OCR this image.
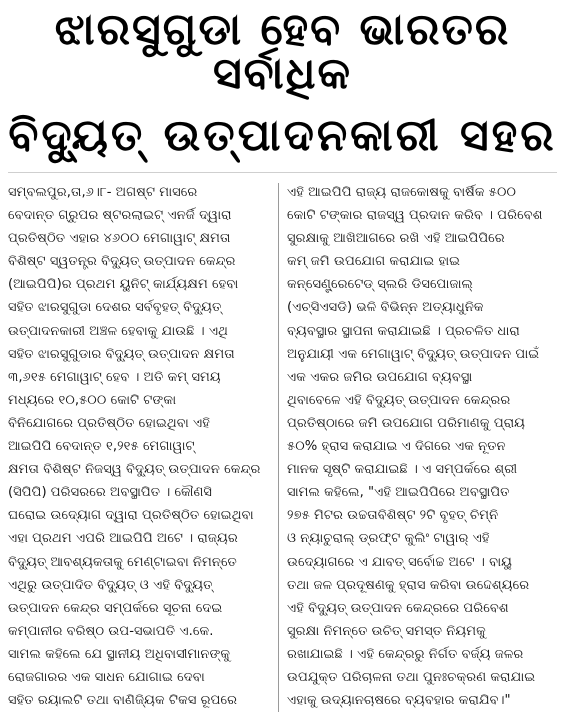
ଝାରସୁଗୁଡା ହେବ ଭାରତର ସର୍ବାଧିକ
ବିଦ୍ୟୁତ୍ ଉତ୍ପାଦନକାରୀ ସହର

ସମ୍ବଲପୁର,ତା,୬।୮- ଅଗଷ୍ଟ ମାସରେ
ବେଦାନ୍ତ ଗ୍ରୁପର ଷ୍ଟରଲାଇଟ୍ ଏନର୍ଜି ଦ୍ୱାରା
ପ୍ରତିଷ୍ଠିତ ଏହାର ୪୬୦୦ ମେଗାୱାଟ୍ କ୍ଷମତା
ବିଶିଷ୍ଟ ସ୍ୱତନ୍ତ୍ର ବିଦ୍ୟୁତ୍ ଉତ୍ପାଦନ କେନ୍ଦ୍ର
(ଆଇପିପି)ର ପ୍ରଥମ ୟୁନିଟ୍ କାର୍ଯ୍ୟକ୍ଷମ ହେବା
ସହିତ ଝାରସୁଗୁଡା ଦେଶର ସର୍ବବୃହତ୍ ବିଦ୍ୟୁତ୍
ଉତ୍ପାଦନକାରୀ ଅଞ୍ଚଳ ହେବାକୁ ଯାଉଛି । ଏଥି
ସହିତ ଝାରସୁଗୁଡାର ବିଦ୍ୟୁତ୍ ଉତ୍ପାଦନ କ୍ଷମତା
୩,୬୧୫ ମେଗାୱାଟ୍ ହେବ । ଅତି କମ୍ ସମୟ
ମଧ୍ୟରେ ୧୦,୫୦୦ କୋଟି ଟଙ୍କା
ବିନିଯୋଗରେ ପ୍ରତିଷ୍ଠିତ ହୋଇଥିବା ଏହି
ଆଇପିପି ବେଦାନ୍ତ ୧,୨୧୫ ମେଗାୱାଟ୍
କ୍ଷମତା ବିଶିଷ୍ଟ ନିଜସ୍ୱ ବିଦ୍ୟୁତ୍ ଉତ୍ପାଦନ କେନ୍ଦ୍ର
(ସିପିପି) ପରିସରରେ ଅବସ୍ଥାପିତ । କୌଣସି
ଘରୋଇ ଉଦ୍ୟୋଗ ଦ୍ୱାରା ପ୍ରତିଷ୍ଠିତ ହୋଇଥିବା
ଏହା ପ୍ରଥମ ଏପରି ଆଇପିପି ଅଟେ । ରାଜ୍ୟର
ବିଦ୍ୟୁତ୍ ଆବଶ୍ୟକତାକୁ ମେଣ୍ଟାଇବା ନିମନ୍ତେ
ଏଥିରୁ ଉତ୍ପାଦିତ ବିଦ୍ୟୁତ୍ ଓ ଏହି ବିଦ୍ୟୁତ୍
ଉତ୍ପାଦନ କେନ୍ଦ୍ର ସମ୍ପର୍କରେ ସୂଚନା ଦେଇ
କମ୍ପାନୀର ବରିଷ୍ଠ ଉପ-ସଭାପତି ଏ.କେ.
ସାମଲ କହିଲେ ଯେ ସ୍ଥାନୀୟ ଅଧିବାସୀମାନଙ୍କୁ
ରୋଜଗାରର ଏକ ସାଧନ ଯୋଗାଇ ଦେବା
ସହିତ ରୟାଲଟି ତଥା ବାଣିଜ୍ୟିକ ଟିକସ ରୂପରେ

ଏହି ଆଇପିପି ରାଜ୍ୟ ରାଜକୋଷକୁ ବାର୍ଷିକ ୫୦୦
କୋଟି ଟଙ୍କାର ରାଜସ୍ୱ ପ୍ରଦାନ କରିବ । ପରିବେଶ
ସୁରକ୍ଷାକୁ ଆଖିଆଗରେ ରଖି ଏହି ଆଇପିପିରେ
କମ୍ ଜମି ଉପଯୋଗ କରାଯାଇ ହାଇ
କନ୍‌ସେଣ୍ଟ୍ରେଟେଡ୍ ସ୍ଲରି ଡିସପୋଜାଲ୍
(ଏଚ୍‌ସିଏସଡି) ଭଳି ବିଭିନ୍ନ ଅତ୍ୟାଧୁନିକ
ବ୍ୟବସ୍ଥାର ସ୍ଥାପନା କରାଯାଇଛି । ପ୍ରଚଳିତ ଧାରା
ଅନୁଯାୟୀ ଏକ ମେଗାୱାଟ୍ ବିଦ୍ୟୁତ୍ ଉତ୍ପାଦନ ପାଇଁ
ଏକ ଏକର ଜମିର ଉପଯୋଗ ବ୍ୟବସ୍ଥା
ଥିବାବେଳେ ଏହି ବିଦ୍ୟୁତ୍ ଉତ୍ପାଦନ କେନ୍ଦ୍ରର
ପ୍ରତିଷ୍ଠାରେ ଜମି ଉପଯୋଗ ପରିମାଣକୁ ପ୍ରାୟ
୫୦% ହ୍ରାସ କରାଯାଇ ଏ ଦିଗରେ ଏକ ନୂତନ
ମାନକ ସୃଷ୍ଟି କରାଯାଇଛି । ଏ ସମ୍ପର୍କରେ ଶ୍ରୀ
ସାମଲ କହିଲେ, "ଏହି ଆଇପିପିରେ ଅବସ୍ଥାପିତ
୨୭୫ ମିଟର ଉଚ୍ଚତାବିଶିଷ୍ଟ ୨ଟି ବୃହତ୍ ଚିମ୍‌ନି
ଓ ନ୍ୟାଚୁରାଲ୍ ଡ୍ରଫ୍ଟ କୁଲିଂ ଟାୱାର୍ ଏହି
ଉଦ୍ୟୋଗରେ ଏ ଯାବତ୍ ସର୍ବୋଚ୍ଚ ଅଟେ । ବାୟୁ
ତଥା ଜଳ ପ୍ରଦୂଷଣକୁ ହ୍ରାସ କରିବା ଉଦ୍ଦେଶ୍ୟରେ
ଏହି ବିଦ୍ୟୁତ୍ ଉତ୍ପାଦନ କେନ୍ଦ୍ରରେ ପରିବେଶ
ସୁରକ୍ଷା ନିମନ୍ତେ ଉଚିତ୍ ସମସ୍ତ ନିୟମକୁ
ରଖାଯାଇଛି । ଏହି କେନ୍ଦ୍ରରୁ ନିର୍ଗତ ବର୍ଜ୍ୟ ଜଳର
ଉପଯୁକ୍ତ ପରିଚାଳନା ତଥା ପୁନଃଚକ୍ରଣ କରାଯାଇ
ଏହାକୁ ଉଦ୍ୟାନଚାଷରେ ବ୍ୟବହାର କରାଯିବ।"
